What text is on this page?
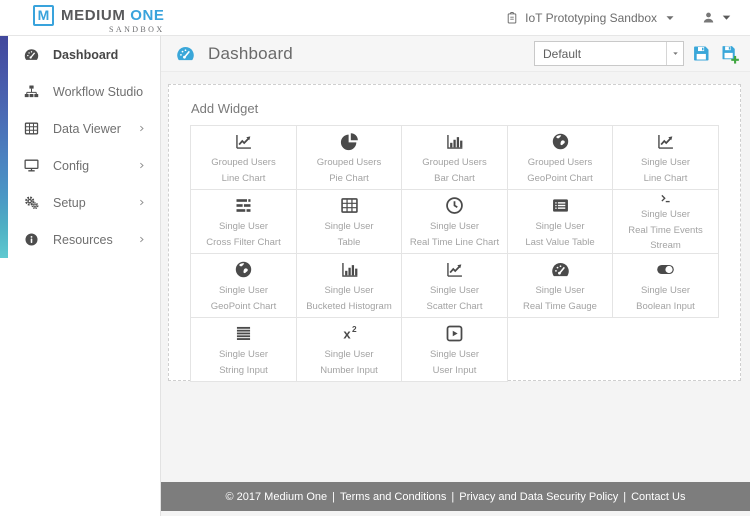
M MEDIUM ONE
SANDBOX
IoT Prototyping Sandbox
Dashboard
Workflow Studio
Data Viewer
Config
Setup
Resources
Dashboard	Default
Add Widget
Grouped Users
Line Chart
Grouped Users
Pie Chart
Grouped Users
Bar Chart
Grouped Users
GeoPoint Chart
Single User
Line Chart
Single User
Cross Filter Chart
Single User
Table
Single User
Real Time Line Chart
Single User
Last Value Table
Single User
Real Time Events Stream
Single User
GeoPoint Chart
Single User
Bucketed Histogram
Single User
Scatter Chart
Single User
Real Time Gauge
Single User
Boolean Input
Single User
String Input
Single User
Number Input
Single User
User Input
© 2017 Medium One | Terms and Conditions | Privacy and Data Security Policy | Contact Us
